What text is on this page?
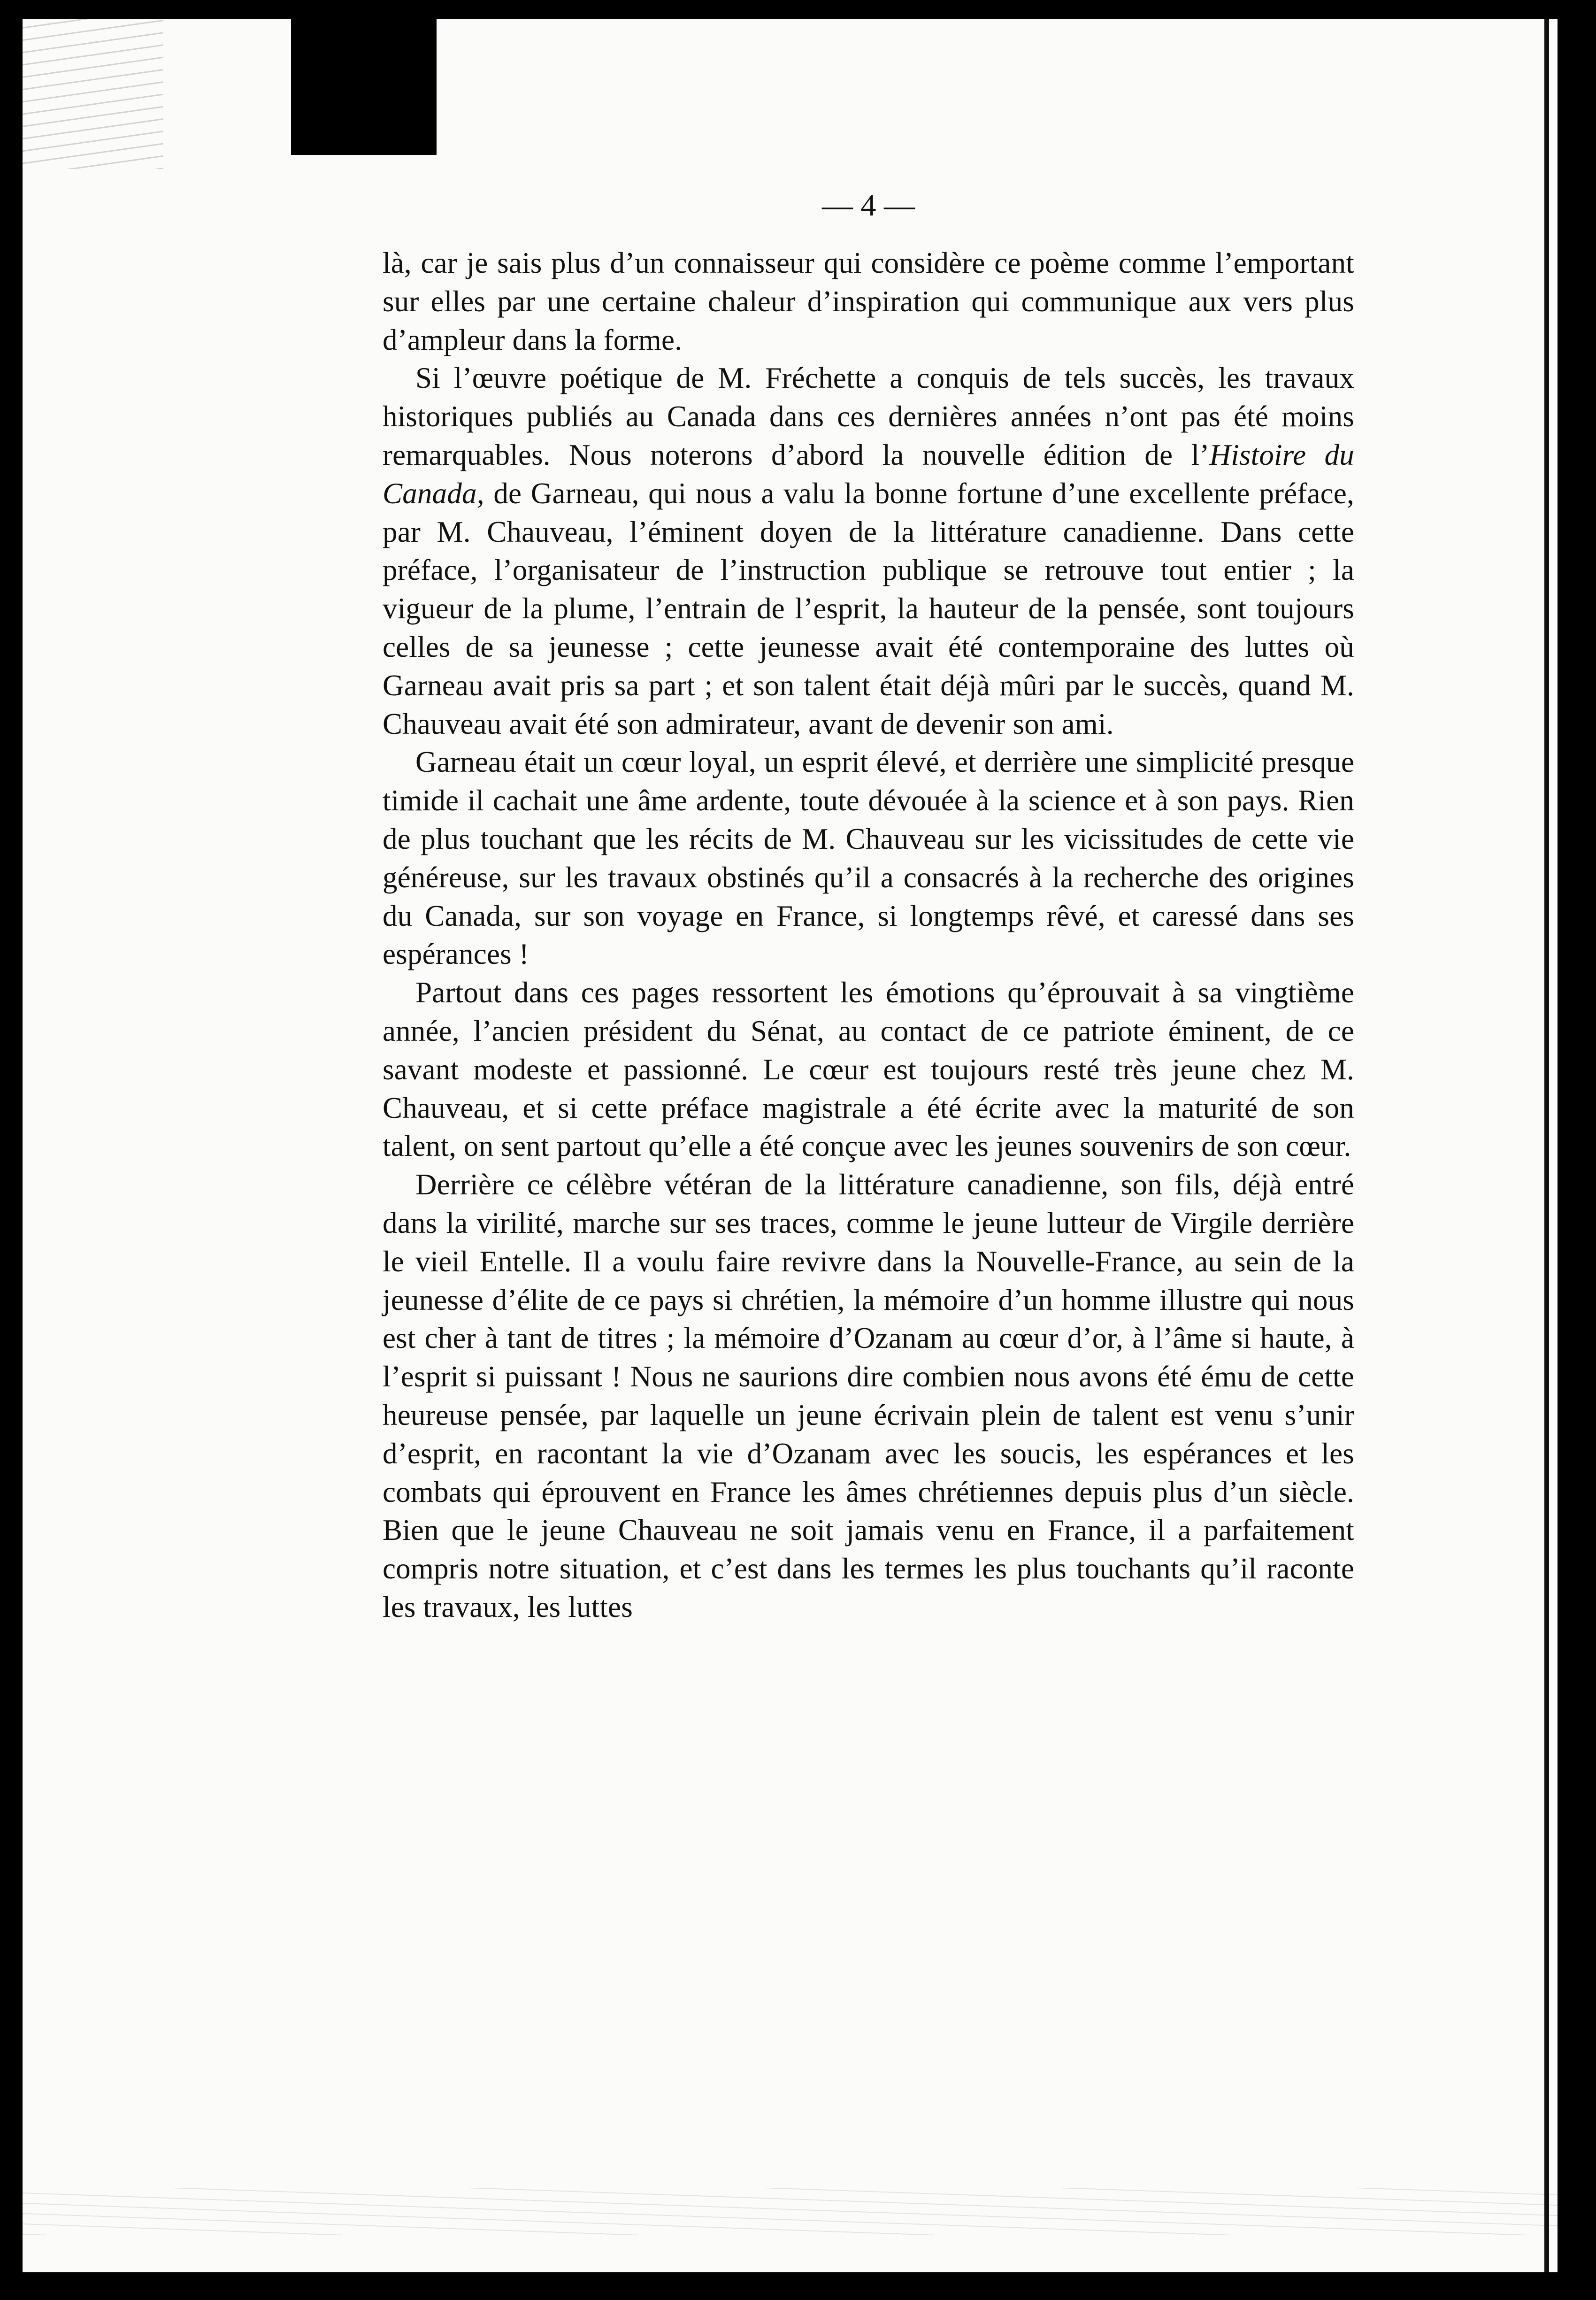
— 4 —

là, car je sais plus d’un connaisseur qui considère ce poème comme l’emportant sur elles par une certaine chaleur d’inspiration qui communique aux vers plus d’ampleur dans la forme.

Si l’œuvre poétique de M. Fréchette a conquis de tels succès, les travaux historiques publiés au Canada dans ces dernières années n’ont pas été moins remarquables. Nous noterons d’abord la nouvelle édition de l’Histoire du Canada, de Garneau, qui nous a valu la bonne fortune d’une excellente préface, par M. Chauveau, l’éminent doyen de la littérature canadienne. Dans cette préface, l’organisateur de l’instruction publique se retrouve tout entier ; la vigueur de la plume, l’entrain de l’esprit, la hauteur de la pensée, sont toujours celles de sa jeunesse ; cette jeunesse avait été contemporaine des luttes où Garneau avait pris sa part ; et son talent était déjà mûri par le succès, quand M. Chauveau avait été son admirateur, avant de devenir son ami.

Garneau était un cœur loyal, un esprit élevé, et derrière une simplicité presque timide il cachait une âme ardente, toute dévouée à la science et à son pays. Rien de plus touchant que les récits de M. Chauveau sur les vicissitudes de cette vie généreuse, sur les travaux obstinés qu’il a consacrés à la recherche des origines du Canada, sur son voyage en France, si longtemps rêvé, et caressé dans ses espérances !

Partout dans ces pages ressortent les émotions qu’éprouvait à sa vingtième année, l’ancien président du Sénat, au contact de ce patriote éminent, de ce savant modeste et passionné. Le cœur est toujours resté très jeune chez M. Chauveau, et si cette préface magistrale a été écrite avec la maturité de son talent, on sent partout qu’elle a été conçue avec les jeunes souvenirs de son cœur.

Derrière ce célèbre vétéran de la littérature canadienne, son fils, déjà entré dans la virilité, marche sur ses traces, comme le jeune lutteur de Virgile derrière le vieil Entelle. Il a voulu faire revivre dans la Nouvelle-France, au sein de la jeunesse d’élite de ce pays si chrétien, la mémoire d’un homme illustre qui nous est cher à tant de titres ; la mémoire d’Ozanam au cœur d’or, à l’âme si haute, à l’esprit si puissant ! Nous ne saurions dire combien nous avons été ému de cette heureuse pensée, par laquelle un jeune écrivain plein de talent est venu s’unir d’esprit, en racontant la vie d’Ozanam avec les soucis, les espérances et les combats qui éprouvent en France les âmes chrétiennes depuis plus d’un siècle. Bien que le jeune Chauveau ne soit jamais venu en France, il a parfaitement compris notre situation, et c’est dans les termes les plus touchants qu’il raconte les travaux, les luttes
